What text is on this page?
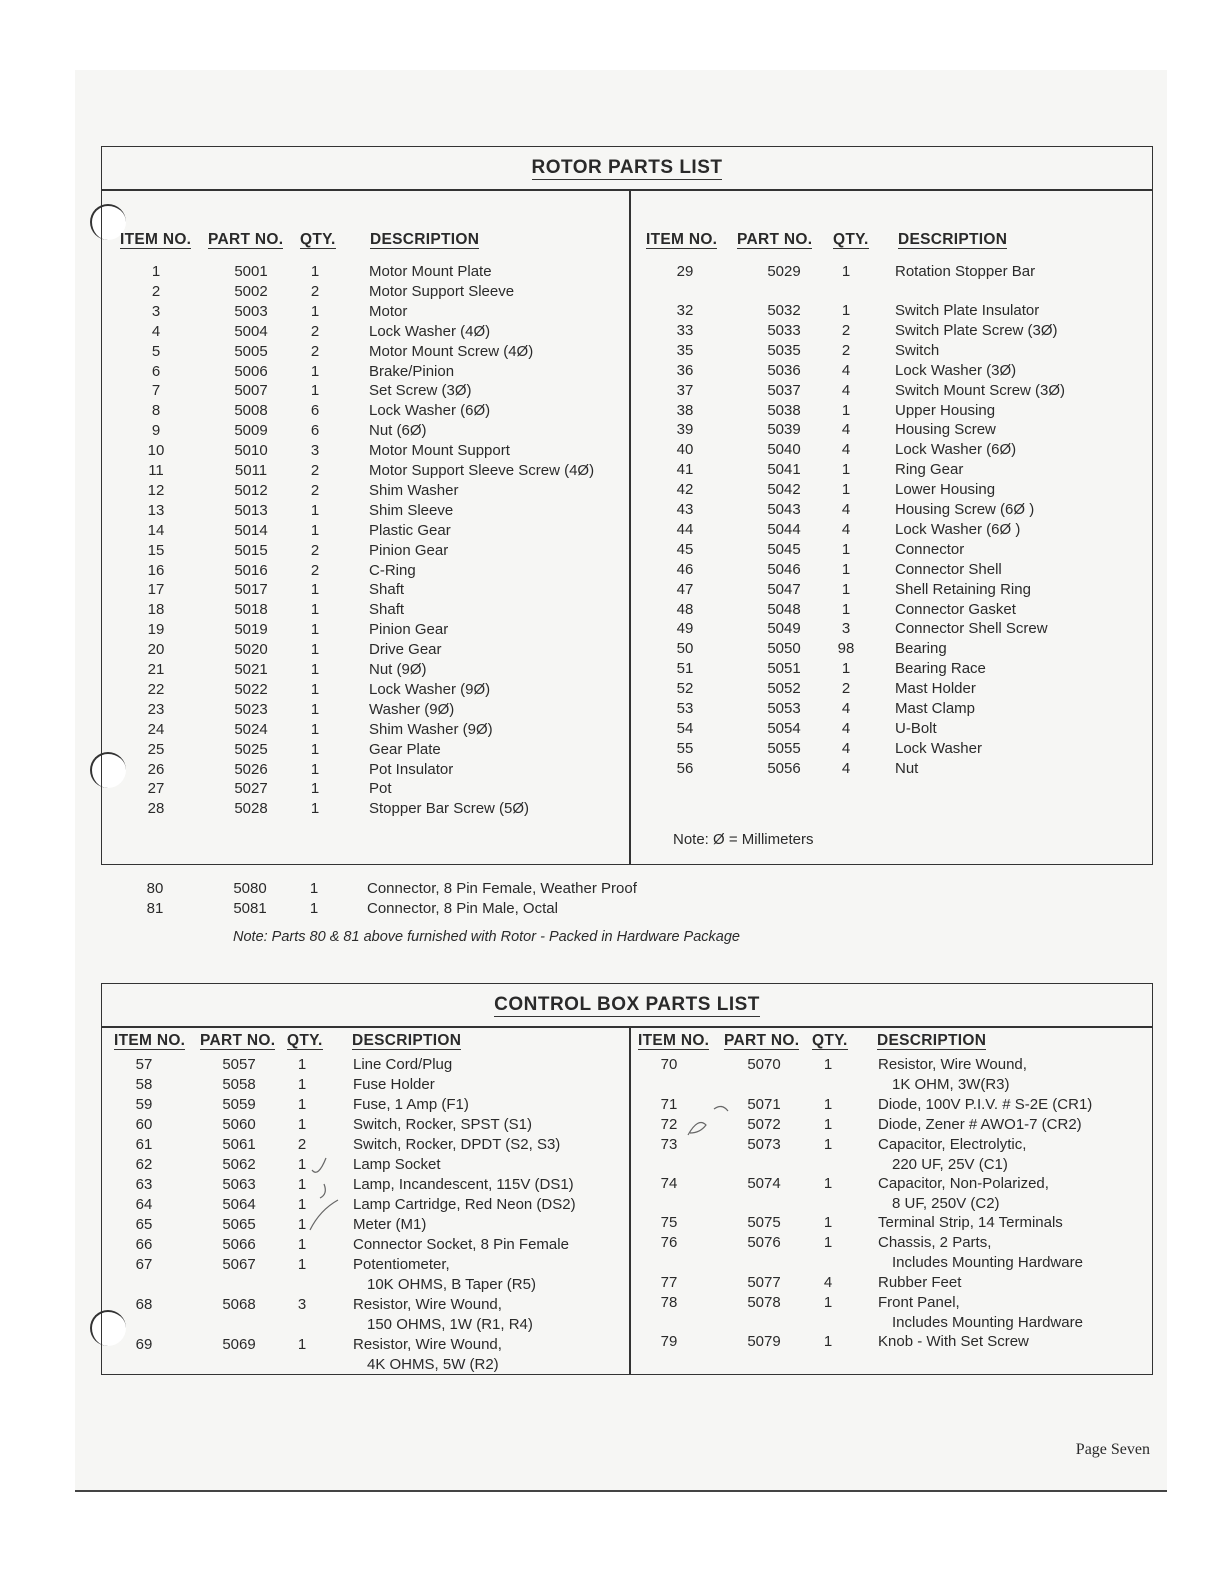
ROTOR PARTS LIST
ITEM NO. PART NO. QTY. DESCRIPTION	ITEM NO. PART NO. QTY. DESCRIPTION
1	5001	1	Motor Mount Plate
2	5002	2	Motor Support Sleeve
3	5003	1	Motor
4	5004	2	Lock Washer (4Ø)
5	5005	2	Motor Mount Screw (4Ø)
6	5006	1	Brake/Pinion
7	5007	1	Set Screw (3Ø)
8	5008	6	Lock Washer (6Ø)
9	5009	6	Nut (6Ø)
10	5010	3	Motor Mount Support
11	5011	2	Motor Support Sleeve Screw (4Ø)
12	5012	2	Shim Washer
13	5013	1	Shim Sleeve
14	5014	1	Plastic Gear
15	5015	2	Pinion Gear
16	5016	2	C-Ring
17	5017	1	Shaft
18	5018	1	Shaft
19	5019	1	Pinion Gear
20	5020	1	Drive Gear
21	5021	1	Nut (9Ø)
22	5022	1	Lock Washer (9Ø)
23	5023	1	Washer (9Ø)
24	5024	1	Shim Washer (9Ø)
25	5025	1	Gear Plate
26	5026	1	Pot Insulator
27	5027	1	Pot
28	5028	1	Stopper Bar Screw (5Ø)
29	5029	1	Rotation Stopper Bar
32	5032	1	Switch Plate Insulator
33	5033	2	Switch Plate Screw (3Ø)
35	5035	2	Switch
36	5036	4	Lock Washer (3Ø)
37	5037	4	Switch Mount Screw (3Ø)
38	5038	1	Upper Housing
39	5039	4	Housing Screw
40	5040	4	Lock Washer (6Ø)
41	5041	1	Ring Gear
42	5042	1	Lower Housing
43	5043	4	Housing Screw (6Ø )
44	5044	4	Lock Washer (6Ø )
45	5045	1	Connector
46	5046	1	Connector Shell
47	5047	1	Shell Retaining Ring
48	5048	1	Connector Gasket
49	5049	3	Connector Shell Screw
50	5050	98	Bearing
51	5051	1	Bearing Race
52	5052	2	Mast Holder
53	5053	4	Mast Clamp
54	5054	4	U-Bolt
55	5055	4	Lock Washer
56	5056	4	Nut
Note: Ø = Millimeters
80	5080	1	Connector, 8 Pin Female, Weather Proof
81	5081	1	Connector, 8 Pin Male, Octal
Note: Parts 80 & 81 above furnished with Rotor - Packed in Hardware Package
CONTROL BOX PARTS LIST
ITEM NO. PART NO. QTY. DESCRIPTION	ITEM NO. PART NO. QTY. DESCRIPTION
57	5057	1	Line Cord/Plug
58	5058	1	Fuse Holder
59	5059	1	Fuse, 1 Amp (F1)
60	5060	1	Switch, Rocker, SPST (S1)
61	5061	2	Switch, Rocker, DPDT (S2, S3)
62	5062	1	Lamp Socket
63	5063	1	Lamp, Incandescent, 115V (DS1)
64	5064	1	Lamp Cartridge, Red Neon (DS2)
65	5065	1	Meter (M1)
66	5066	1	Connector Socket, 8 Pin Female
67	5067	1	Potentiometer,
10K OHMS, B Taper (R5)
68	5068	3	Resistor, Wire Wound,
150 OHMS, 1W (R1, R4)
69	5069	1	Resistor, Wire Wound,
4K OHMS, 5W (R2)
70	5070	1	Resistor, Wire Wound,
1K OHM, 3W(R3)
71	5071	1	Diode, 100V P.I.V. # S-2E (CR1)
72	5072	1	Diode, Zener # AWO1-7 (CR2)
73	5073	1	Capacitor, Electrolytic,
220 UF, 25V (C1)
74	5074	1	Capacitor, Non-Polarized,
8 UF, 250V (C2)
75	5075	1	Terminal Strip, 14 Terminals
76	5076	1	Chassis, 2 Parts,
Includes Mounting Hardware
77	5077	4	Rubber Feet
78	5078	1	Front Panel,
Includes Mounting Hardware
79	5079	1	Knob - With Set Screw
Page Seven
